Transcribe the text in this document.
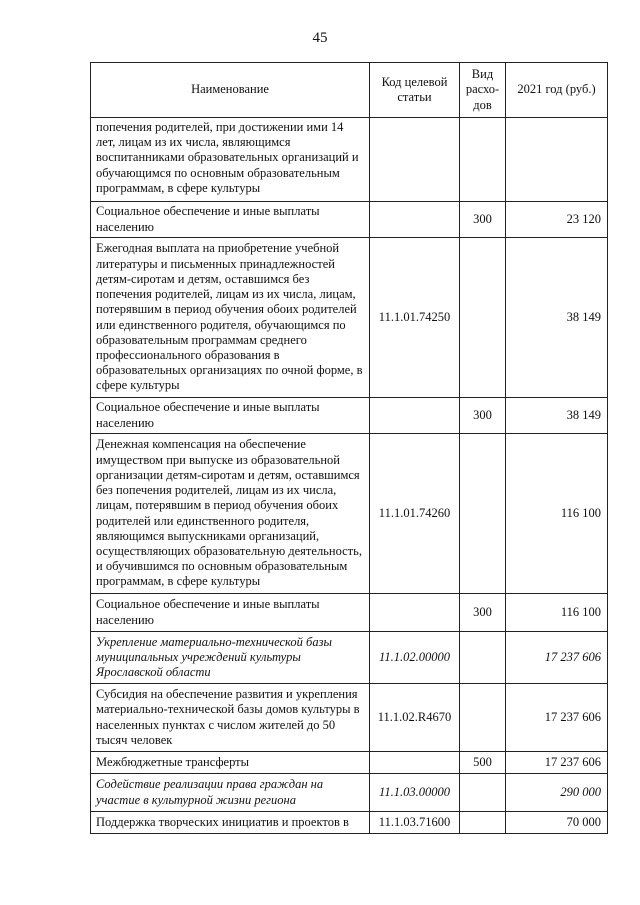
45
Наименование	Код целевой статьи	Вид расхо-дов	2021 год (руб.)
попечения родителей, при достижении ими 14 лет, лицам из их числа, являющимся воспитанниками образовательных организаций и обучающимся по основным образовательным программам, в сфере культуры			
Социальное обеспечение и иные выплаты населению		300	23 120
Ежегодная выплата на приобретение учебной литературы и письменных принадлежностей детям-сиротам и детям, оставшимся без попечения родителей, лицам из их числа, лицам, потерявшим в период обучения обоих родителей или единственного родителя, обучающимся по образовательным программам среднего профессионального образования в образовательных организациях по очной форме, в сфере культуры	11.1.01.74250		38 149
Социальное обеспечение и иные выплаты населению		300	38 149
Денежная компенсация на обеспечение имуществом при выпуске из образовательной организации детям-сиротам и детям, оставшимся без попечения родителей, лицам из их числа, лицам, потерявшим в период обучения обоих родителей или единственного родителя, являющимся выпускниками организаций, осуществляющих образовательную деятельность, и обучившимся по основным образовательным программам, в сфере культуры	11.1.01.74260		116 100
Социальное обеспечение и иные выплаты населению		300	116 100
Укрепление материально-технической базы муниципальных учреждений культуры Ярославской области	11.1.02.00000		17 237 606
Субсидия на обеспечение развития и укрепления материально-технической базы домов культуры в населенных пунктах с числом жителей до 50 тысяч человек	11.1.02.R4670		17 237 606
Межбюджетные трансферты		500	17 237 606
Содействие реализации права граждан на участие в культурной жизни региона	11.1.03.00000		290 000
Поддержка творческих инициатив и проектов в	11.1.03.71600		70 000
